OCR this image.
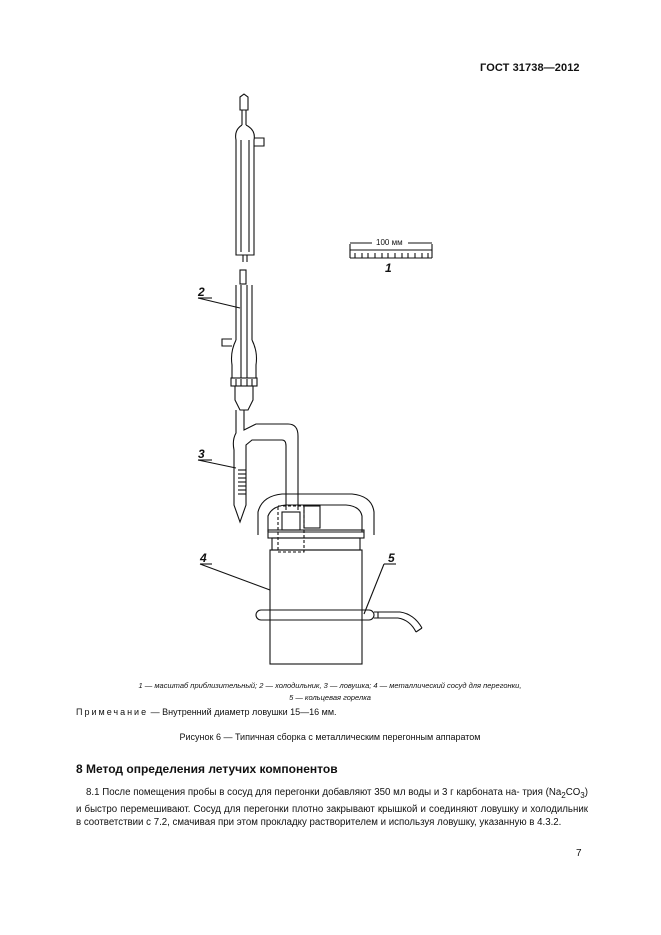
ГОСТ 31738—2012
100 мм
1
2
3
4	5
1 — масштаб приблизительный; 2 — холодильник, 3 — ловушка; 4 — металлический сосуд для перегонки,
5 — кольцевая горелка
Примечание — Внутренний диаметр ловушки 15—16 мм.
Рисунок 6 — Типичная сборка с металлическим перегонным аппаратом
8 Метод определения летучих компонентов
8.1 После помещения пробы в сосуд для перегонки добавляют 350 мл воды и 3 г карбоната на- трия $(Na_2CO_3)$ и быстро перемешивают. Сосуд для перегонки плотно закрывают крышкой и соединяют ловушку и холодильник в соответствии с 7.2, смачивая при этом прокладку растворителем и используя ловушку, указанную в 4.3.2.
7
